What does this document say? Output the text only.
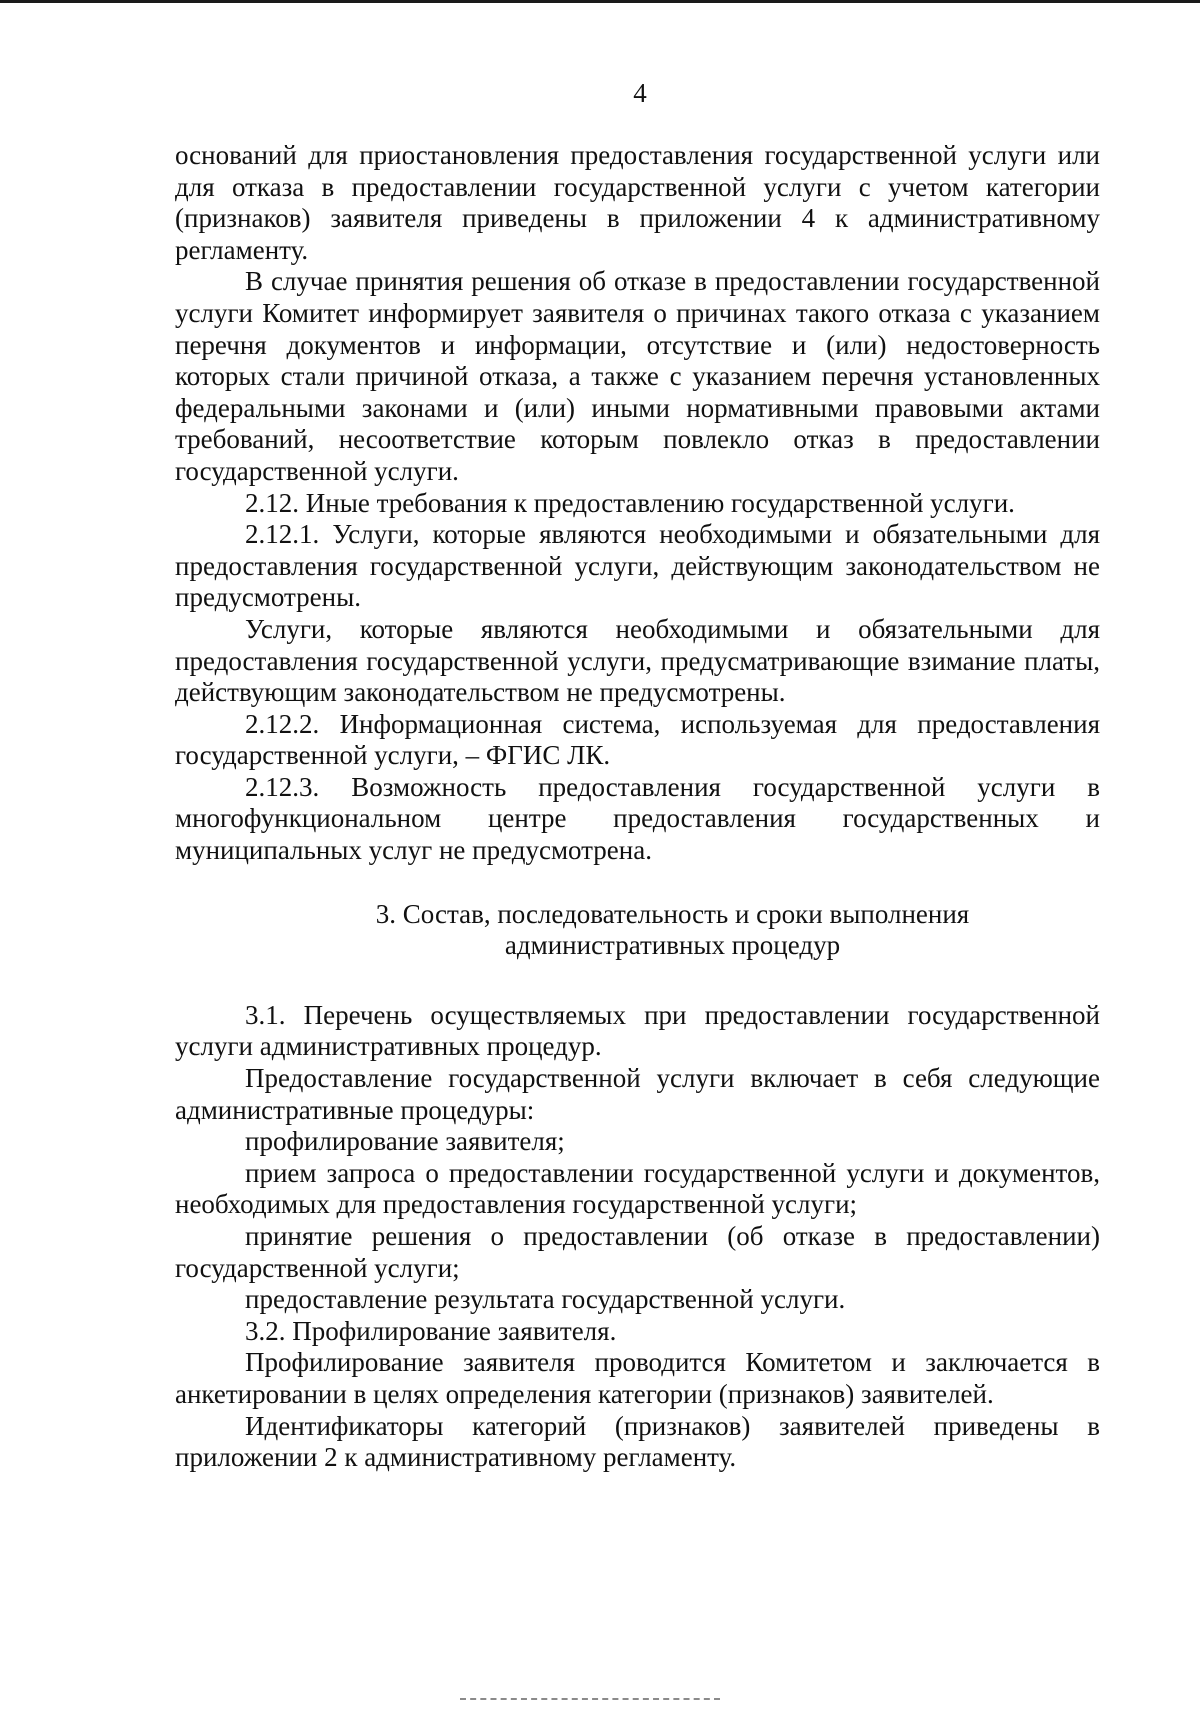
4

оснований для приостановления предоставления государственной услуги или для отказа в предоставлении государственной услуги с учетом категории (признаков) заявителя приведены в приложении 4 к административному регламенту.

В случае принятия решения об отказе в предоставлении государственной услуги Комитет информирует заявителя о причинах такого отказа с указанием перечня документов и информации, отсутствие и (или) недостоверность которых стали причиной отказа, а также с указанием перечня установленных федеральными законами и (или) иными нормативными правовыми актами требований, несоответствие которым повлекло отказ в предоставлении государственной услуги.

2.12. Иные требования к предоставлению государственной услуги.

2.12.1. Услуги, которые являются необходимыми и обязательными для предоставления государственной услуги, действующим законодательством не предусмотрены.

Услуги, которые являются необходимыми и обязательными для предоставления государственной услуги, предусматривающие взимание платы, действующим законодательством не предусмотрены.

2.12.2. Информационная система, используемая для предоставления государственной услуги, – ФГИС ЛК.

2.12.3. Возможность предоставления государственной услуги в многофункциональном центре предоставления государственных и муниципальных услуг не предусмотрена.

3. Состав, последовательность и сроки выполнения
административных процедур

3.1. Перечень осуществляемых при предоставлении государственной услуги административных процедур.

Предоставление государственной услуги включает в себя следующие административные процедуры:

профилирование заявителя;

прием запроса о предоставлении государственной услуги и документов, необходимых для предоставления государственной услуги;

принятие решения о предоставлении (об отказе в предоставлении) государственной услуги;

предоставление результата государственной услуги.

3.2. Профилирование заявителя.

Профилирование заявителя проводится Комитетом и заключается в анкетировании в целях определения категории (признаков) заявителей.

Идентификаторы категорий (признаков) заявителей приведены в приложении 2 к административному регламенту.
